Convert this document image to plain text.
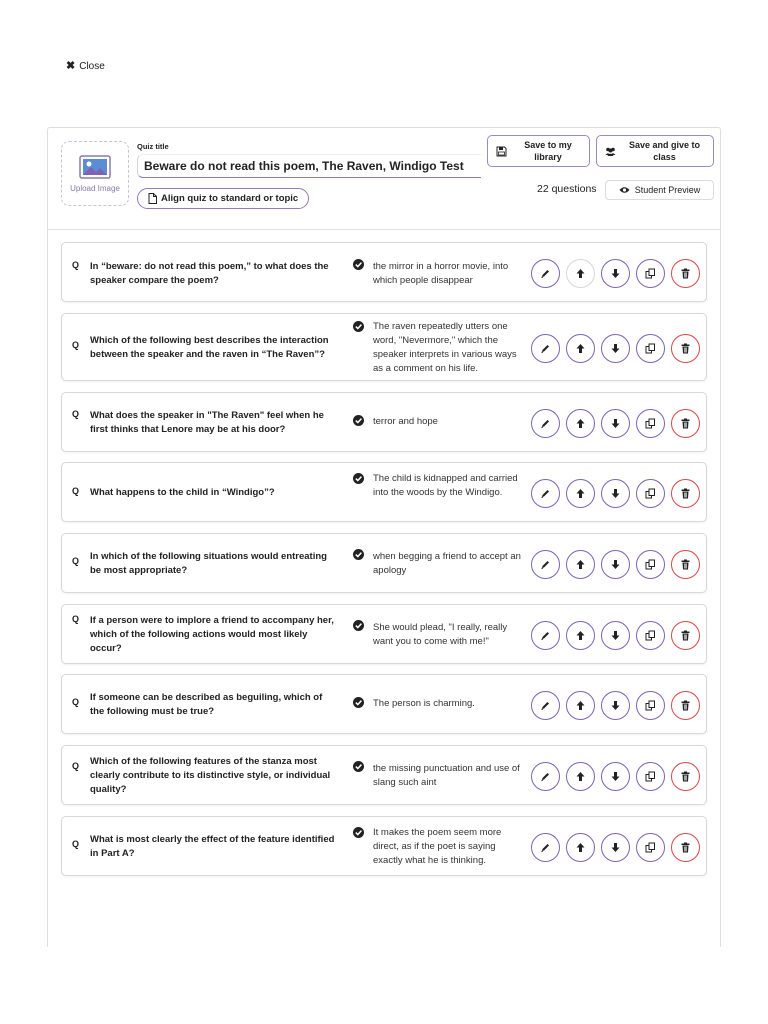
✖ Close
Upload Image
Quiz title
Beware do not read this poem, The Raven, Windigo Test
Align quiz to standard or topic
Save to my library
Save and give to class
22 questions	Student Preview
Q In “beware: do not read this poem,” to what does the speaker compare the poem?
the mirror in a horror movie, into which people disappear
Q Which of the following best describes the interaction between the speaker and the raven in “The Raven”?
The raven repeatedly utters one word, "Nevermore," which the speaker interprets in various ways as a comment on his life.
Q What does the speaker in "The Raven" feel when he first thinks that Lenore may be at his door?
terror and hope
Q What happens to the child in “Windigo”?
The child is kidnapped and carried into the woods by the Windigo.
Q In which of the following situations would entreating be most appropriate?
when begging a friend to accept an apology
Q If a person were to implore a friend to accompany her, which of the following actions would most likely occur?
She would plead, "I really, really want you to come with me!"
Q If someone can be described as beguiling, which of the following must be true?
The person is charming.
Q Which of the following features of the stanza most clearly contribute to its distinctive style, or individual quality?
the missing punctuation and use of slang such aint
Q What is most clearly the effect of the feature identified in Part A?
It makes the poem seem more direct, as if the poet is saying exactly what he is thinking.
